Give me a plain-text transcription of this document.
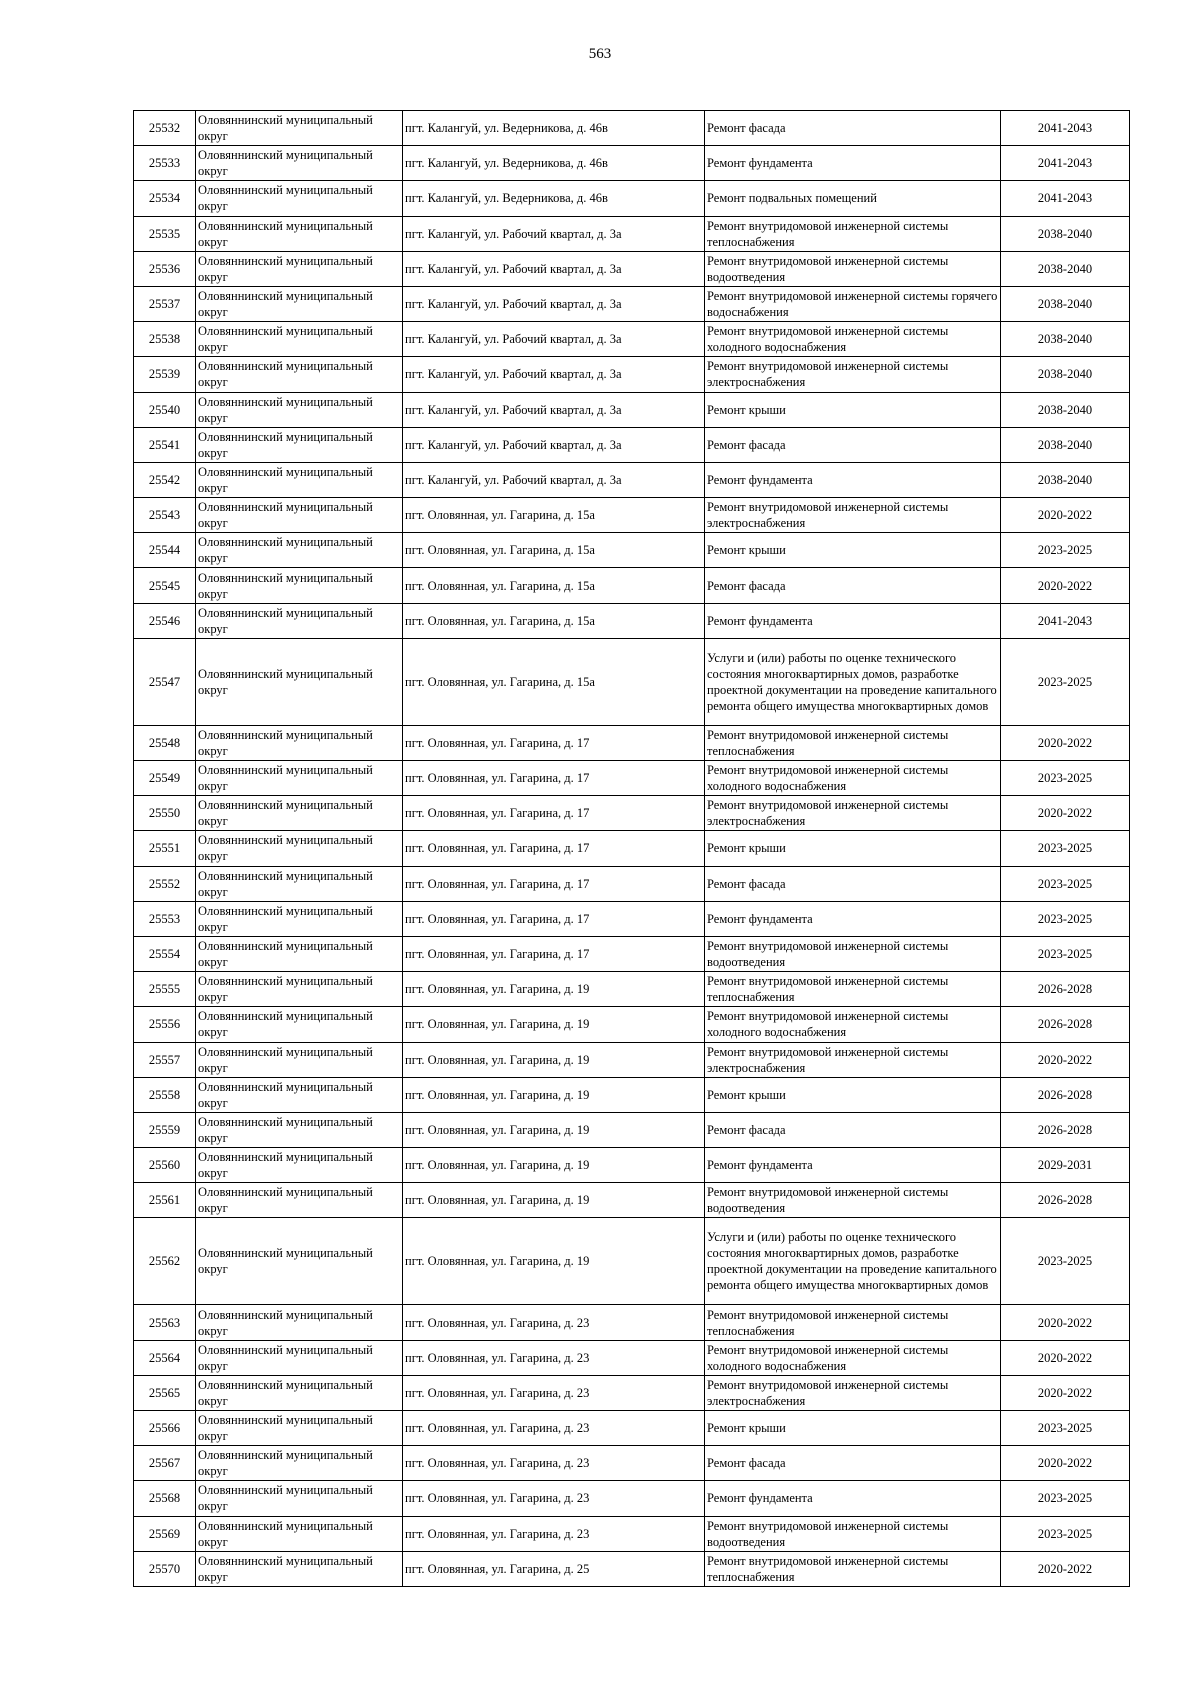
563
25532	Оловяннинский муниципальный округ	пгт. Калангуй, ул. Ведерникова, д. 46в	Ремонт фасада	2041-2043
25533	Оловяннинский муниципальный округ	пгт. Калангуй, ул. Ведерникова, д. 46в	Ремонт фундамента	2041-2043
25534	Оловяннинский муниципальный округ	пгт. Калангуй, ул. Ведерникова, д. 46в	Ремонт подвальных помещений	2041-2043
25535	Оловяннинский муниципальный округ	пгт. Калангуй, ул. Рабочий квартал, д. 3а	Ремонт внутридомовой инженерной системы теплоснабжения	2038-2040
25536	Оловяннинский муниципальный округ	пгт. Калангуй, ул. Рабочий квартал, д. 3а	Ремонт внутридомовой инженерной системы водоотведения	2038-2040
25537	Оловяннинский муниципальный округ	пгт. Калангуй, ул. Рабочий квартал, д. 3а	Ремонт внутридомовой инженерной системы горячего водоснабжения	2038-2040
25538	Оловяннинский муниципальный округ	пгт. Калангуй, ул. Рабочий квартал, д. 3а	Ремонт внутридомовой инженерной системы холодного водоснабжения	2038-2040
25539	Оловяннинский муниципальный округ	пгт. Калангуй, ул. Рабочий квартал, д. 3а	Ремонт внутридомовой инженерной системы электроснабжения	2038-2040
25540	Оловяннинский муниципальный округ	пгт. Калангуй, ул. Рабочий квартал, д. 3а	Ремонт крыши	2038-2040
25541	Оловяннинский муниципальный округ	пгт. Калангуй, ул. Рабочий квартал, д. 3а	Ремонт фасада	2038-2040
25542	Оловяннинский муниципальный округ	пгт. Калангуй, ул. Рабочий квартал, д. 3а	Ремонт фундамента	2038-2040
25543	Оловяннинский муниципальный округ	пгт. Оловянная, ул. Гагарина, д. 15а	Ремонт внутридомовой инженерной системы электроснабжения	2020-2022
25544	Оловяннинский муниципальный округ	пгт. Оловянная, ул. Гагарина, д. 15а	Ремонт крыши	2023-2025
25545	Оловяннинский муниципальный округ	пгт. Оловянная, ул. Гагарина, д. 15а	Ремонт фасада	2020-2022
25546	Оловяннинский муниципальный округ	пгт. Оловянная, ул. Гагарина, д. 15а	Ремонт фундамента	2041-2043
25547	Оловяннинский муниципальный округ	пгт. Оловянная, ул. Гагарина, д. 15а	Услуги и (или) работы по оценке технического состояния многоквартирных домов, разработке проектной документации на проведение капитального ремонта общего имущества многоквартирных домов	2023-2025
25548	Оловяннинский муниципальный округ	пгт. Оловянная, ул. Гагарина, д. 17	Ремонт внутридомовой инженерной системы теплоснабжения	2020-2022
25549	Оловяннинский муниципальный округ	пгт. Оловянная, ул. Гагарина, д. 17	Ремонт внутридомовой инженерной системы холодного водоснабжения	2023-2025
25550	Оловяннинский муниципальный округ	пгт. Оловянная, ул. Гагарина, д. 17	Ремонт внутридомовой инженерной системы электроснабжения	2020-2022
25551	Оловяннинский муниципальный округ	пгт. Оловянная, ул. Гагарина, д. 17	Ремонт крыши	2023-2025
25552	Оловяннинский муниципальный округ	пгт. Оловянная, ул. Гагарина, д. 17	Ремонт фасада	2023-2025
25553	Оловяннинский муниципальный округ	пгт. Оловянная, ул. Гагарина, д. 17	Ремонт фундамента	2023-2025
25554	Оловяннинский муниципальный округ	пгт. Оловянная, ул. Гагарина, д. 17	Ремонт внутридомовой инженерной системы водоотведения	2023-2025
25555	Оловяннинский муниципальный округ	пгт. Оловянная, ул. Гагарина, д. 19	Ремонт внутридомовой инженерной системы теплоснабжения	2026-2028
25556	Оловяннинский муниципальный округ	пгт. Оловянная, ул. Гагарина, д. 19	Ремонт внутридомовой инженерной системы холодного водоснабжения	2026-2028
25557	Оловяннинский муниципальный округ	пгт. Оловянная, ул. Гагарина, д. 19	Ремонт внутридомовой инженерной системы электроснабжения	2020-2022
25558	Оловяннинский муниципальный округ	пгт. Оловянная, ул. Гагарина, д. 19	Ремонт крыши	2026-2028
25559	Оловяннинский муниципальный округ	пгт. Оловянная, ул. Гагарина, д. 19	Ремонт фасада	2026-2028
25560	Оловяннинский муниципальный округ	пгт. Оловянная, ул. Гагарина, д. 19	Ремонт фундамента	2029-2031
25561	Оловяннинский муниципальный округ	пгт. Оловянная, ул. Гагарина, д. 19	Ремонт внутридомовой инженерной системы водоотведения	2026-2028
25562	Оловяннинский муниципальный округ	пгт. Оловянная, ул. Гагарина, д. 19	Услуги и (или) работы по оценке технического состояния многоквартирных домов, разработке проектной документации на проведение капитального ремонта общего имущества многоквартирных домов	2023-2025
25563	Оловяннинский муниципальный округ	пгт. Оловянная, ул. Гагарина, д. 23	Ремонт внутридомовой инженерной системы теплоснабжения	2020-2022
25564	Оловяннинский муниципальный округ	пгт. Оловянная, ул. Гагарина, д. 23	Ремонт внутридомовой инженерной системы холодного водоснабжения	2020-2022
25565	Оловяннинский муниципальный округ	пгт. Оловянная, ул. Гагарина, д. 23	Ремонт внутридомовой инженерной системы электроснабжения	2020-2022
25566	Оловяннинский муниципальный округ	пгт. Оловянная, ул. Гагарина, д. 23	Ремонт крыши	2023-2025
25567	Оловяннинский муниципальный округ	пгт. Оловянная, ул. Гагарина, д. 23	Ремонт фасада	2020-2022
25568	Оловяннинский муниципальный округ	пгт. Оловянная, ул. Гагарина, д. 23	Ремонт фундамента	2023-2025
25569	Оловяннинский муниципальный округ	пгт. Оловянная, ул. Гагарина, д. 23	Ремонт внутридомовой инженерной системы водоотведения	2023-2025
25570	Оловяннинский муниципальный округ	пгт. Оловянная, ул. Гагарина, д. 25	Ремонт внутридомовой инженерной системы теплоснабжения	2020-2022
